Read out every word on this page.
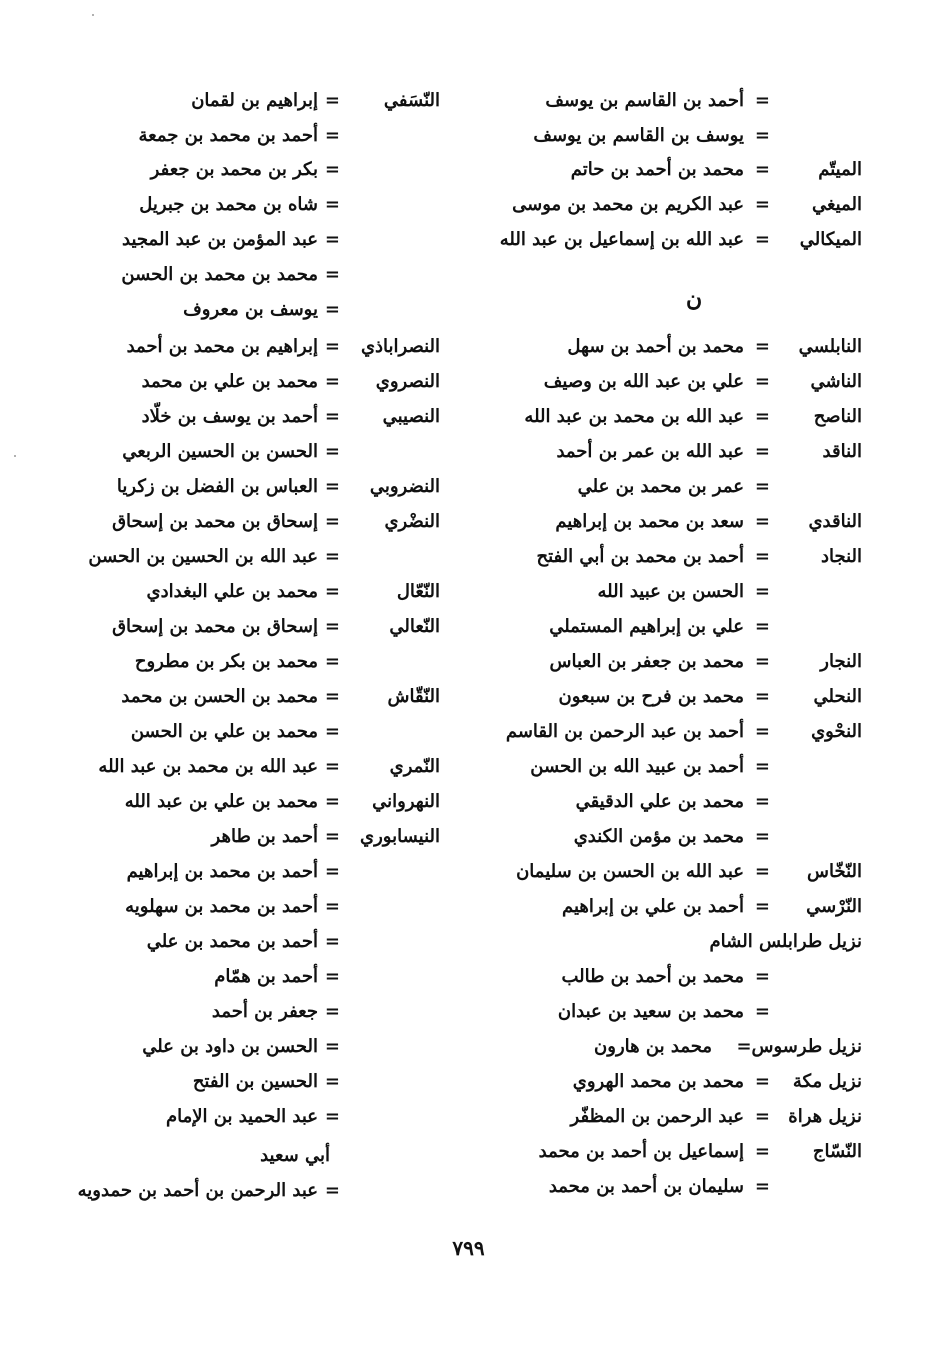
=
أحمد بن القاسم بن يوسف
=
يوسف بن القاسم بن يوسف
الميتّم
=
محمد بن أحمد بن حاتم
الميغي
=
عبد الكريم بن محمد بن موسى
الميكالي
=
عبد الله بن إسماعيل بن عبد الله
النابلسي
=
محمد بن أحمد بن سهل
الناشي
=
علي بن عبد الله بن وصيف
الناصح
=
عبد الله بن محمد بن عبد الله
الناقد
=
عبد الله بن عمر بن أحمد
=
عمر بن محمد بن علي
الناقدي
=
سعد بن محمد بن إبراهيم
النجاد
=
أحمد بن محمد بن أبي الفتح
=
الحسن بن عبيد الله
=
علي بن إبراهيم المستملي
النجار
=
محمد بن جعفر بن العباس
النحلي
=
محمد بن فرح بن سبعون
النحْوي
=
أحمد بن عبد الرحمن بن القاسم
=
أحمد بن عبيد الله بن الحسن
=
محمد بن علي الدقيقي
=
محمد بن مؤمن الكندي
النّخّاس
=
عبد الله بن الحسن بن سليمان
النّرْسي
=
أحمد بن علي بن إبراهيم
نزيل طرابلس الشام
=
محمد بن أحمد بن طالب
=
محمد بن سعيد بن عبدان
نزيل طرسوس=
محمد بن هارون
نزيل مكة
=
محمد بن محمد الهروي
نزيل هراة
=
عبد الرحمن بن المظفّر
النّسّاج
=
إسماعيل بن أحمد بن محمد
=
سليمان بن أحمد بن محمد
النّسَفي
=
إبراهيم بن لقمان
=
أحمد بن محمد بن جمعة
=
بكر بن محمد بن جعفر
=
شاه بن محمد بن جبريل
=
عبد المؤمن بن عبد المجيد
=
محمد بن محمد بن الحسن
=
يوسف بن معروف
النصراباذي
=
إبراهيم بن محمد بن أحمد
النصروي
=
محمد بن علي بن محمد
النصيبي
=
أحمد بن يوسف بن خلّاد
=
الحسن بن الحسين الربعي
النضروبي
=
العباس بن الفضل بن زكريا
النضْري
=
إسحاق بن محمد بن إسحاق
=
عبد الله بن الحسين بن الحسن
النّعّال
=
محمد بن علي البغدادي
النّعالي
=
إسحاق بن محمد بن إسحاق
=
محمد بن بكر بن مطروح
النّقّاش
=
محمد بن الحسن بن محمد
=
محمد بن علي بن الحسن
النّمري
=
عبد الله بن محمد بن عبد الله
النهرواني
=
محمد بن علي بن عبد الله
النيسابوري
=
أحمد بن طاهر
=
أحمد بن محمد بن إبراهيم
=
أحمد بن محمد بن سهلويه
=
أحمد بن محمد بن علي
=
أحمد بن همّام
=
جعفر بن أحمد
=
الحسن بن داود بن علي
=
الحسين بن الفتح
=
عبد الحميد بن الإمام
أبي سعيد
=
عبد الرحمن بن أحمد بن حمدويه
ن
٧٩٩
